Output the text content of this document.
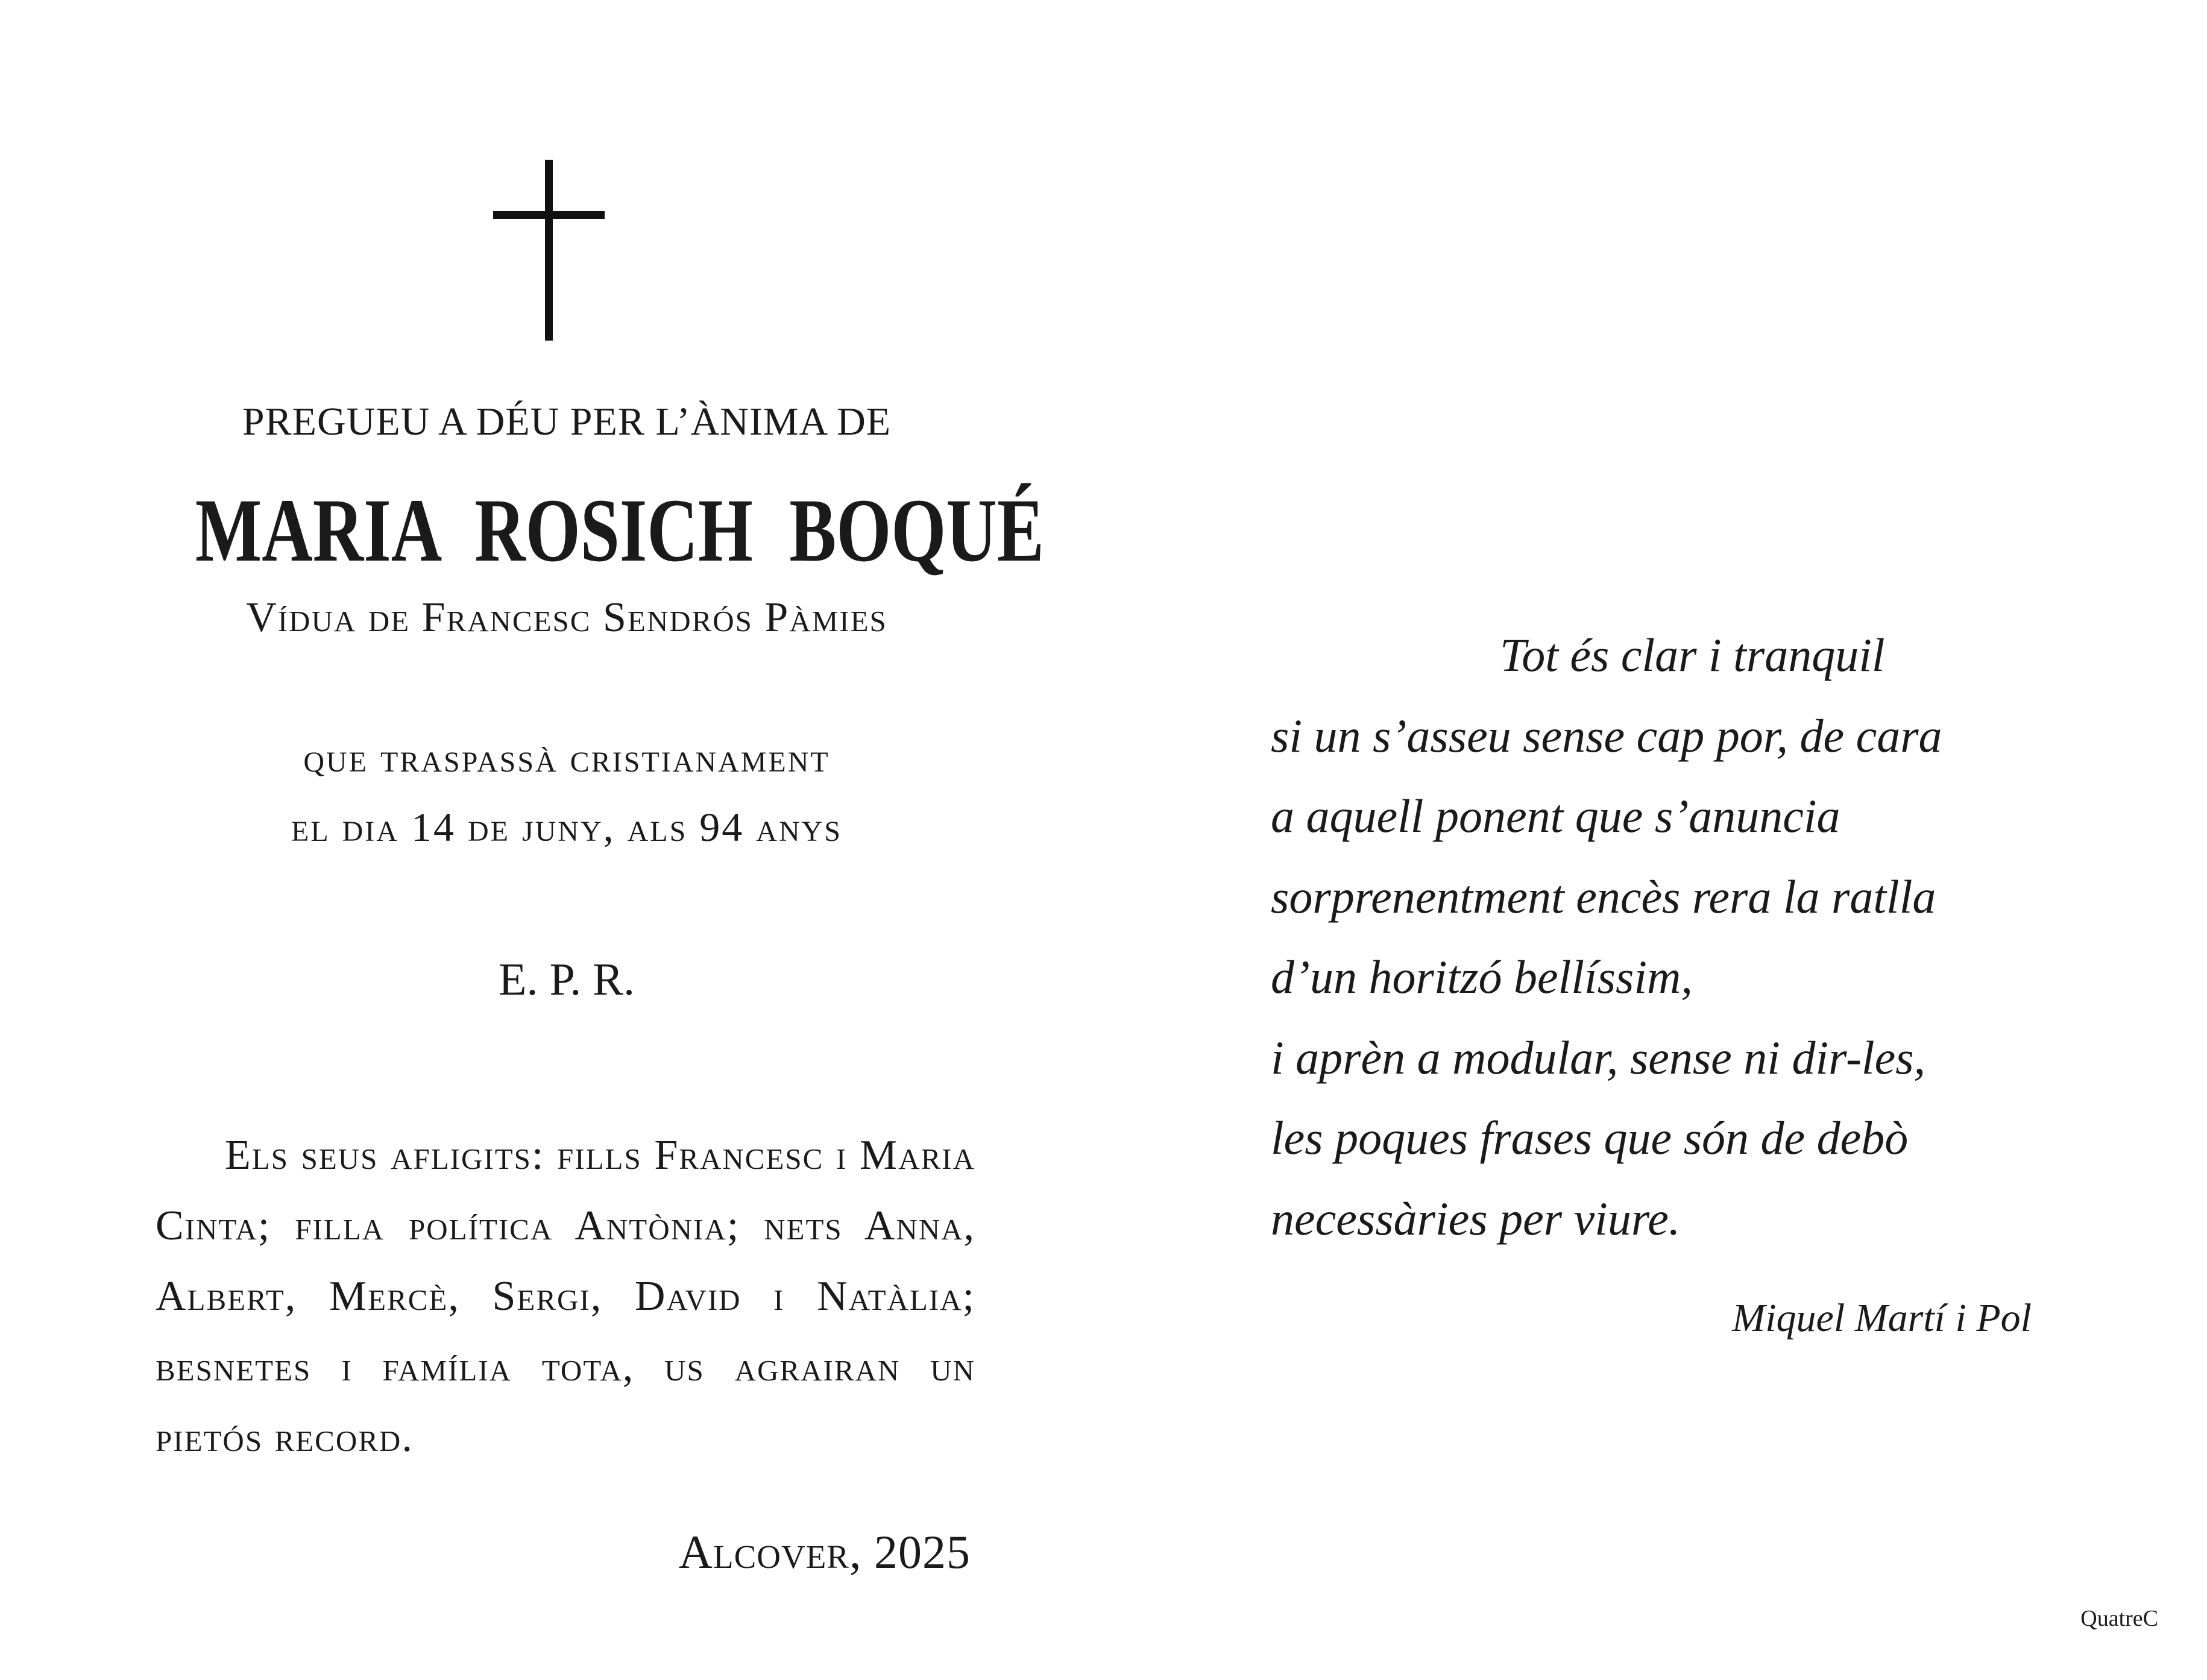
PREGUEU A DÉU PER L’ÀNIMA DE
MARIA ROSICH BOQUÉ
Vídua de Francesc Sendrós Pàmies
que traspassà cristianament
el dia 14 de juny, als 94 anys
E. P. R.
Els seus afligits: fills Francesc i Maria Cinta; filla política Antònia; nets Anna, Albert, Mercè, Sergi, David i Natàlia; besnetes i família tota, us agrairan un pietós record.
Alcover, 2025
Tot és clar i tranquil
si un s’asseu sense cap por, de cara
a aquell ponent que s’anuncia
sorprenentment encès rera la ratlla
d’un horitzó bellíssim,
i aprèn a modular, sense ni dir-les,
les poques frases que són de debò
necessàries per viure.
Miquel Martí i Pol
QuatreC
